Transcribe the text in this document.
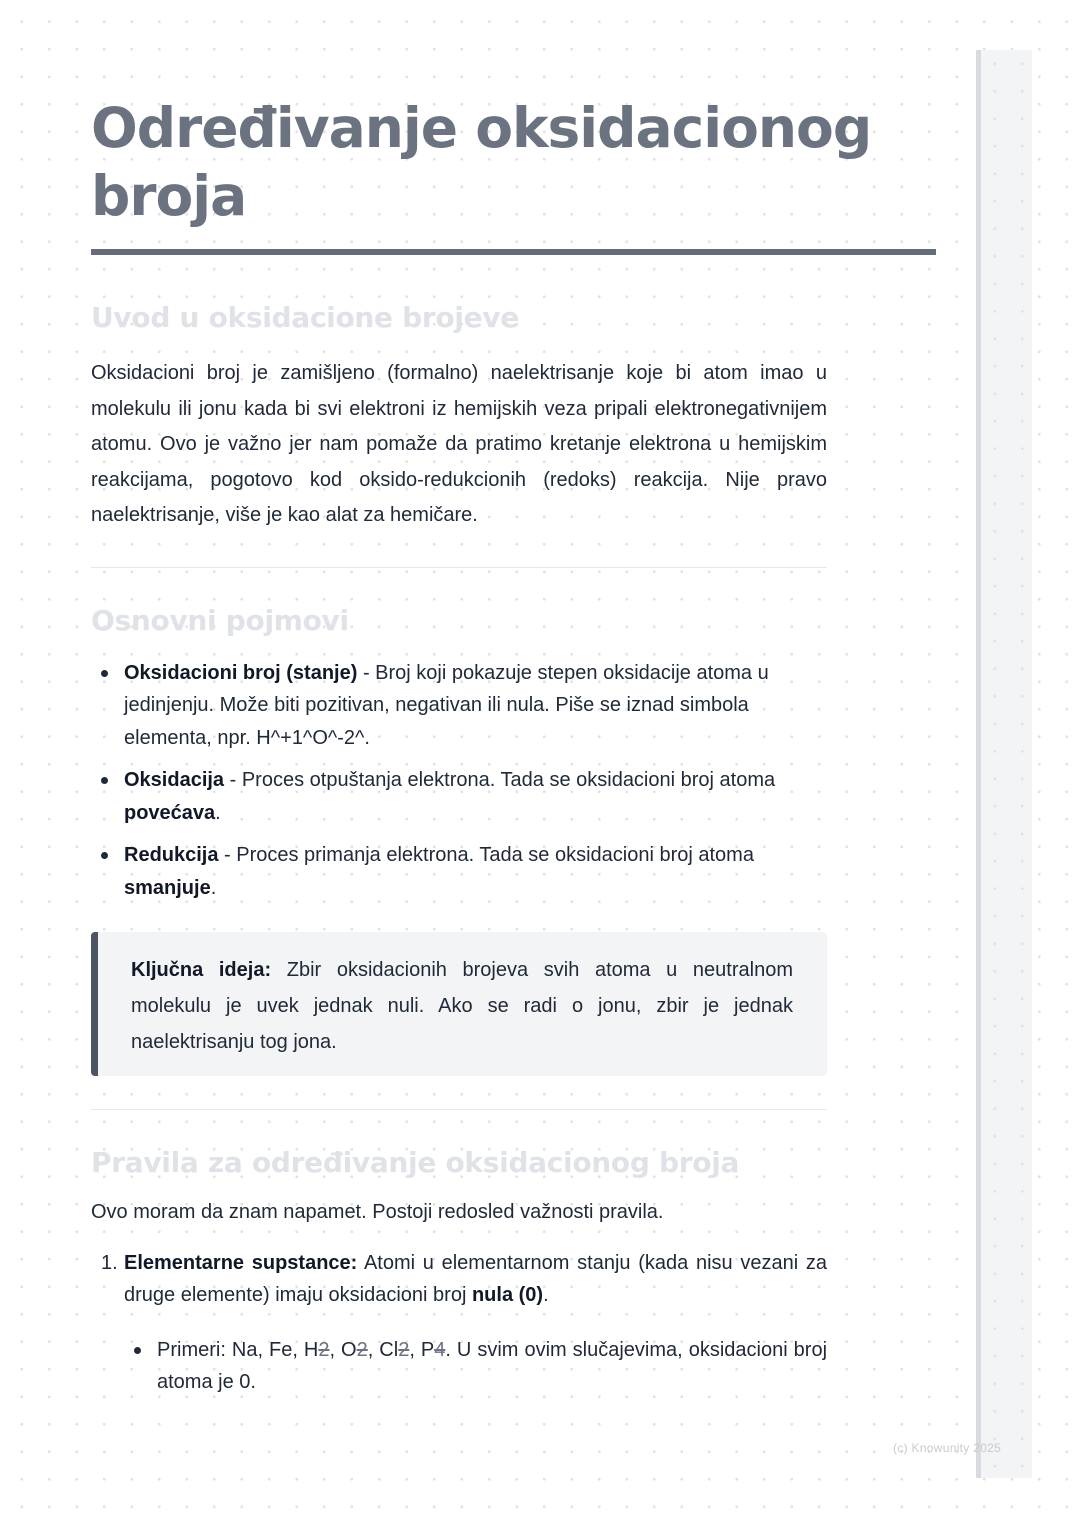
Određivanje oksidacionog broja
Uvod u oksidacione brojeve

Oksidacioni broj je zamišljeno (formalno) naelektrisanje koje bi atom imao u molekulu ili jonu kada bi svi elektroni iz hemijskih veza pripali elektronegativnijem atomu. Ovo je važno jer nam pomaže da pratimo kretanje elektrona u hemijskim reakcijama, pogotovo kod oksido-redukcionih (redoks) reakcija. Nije pravo naelektrisanje, više je kao alat za hemičare.

Osnovni pojmovi
Oksidacioni broj (stanje) - Broj koji pokazuje stepen oksidacije atoma u jedinjenju. Može biti pozitivan, negativan ili nula. Piše se iznad simbola elementa, npr. H^+1^O^-2^.
Oksidacija - Proces otpuštanja elektrona. Tada se oksidacioni broj atoma povećava.
Redukcija - Proces primanja elektrona. Tada se oksidacioni broj atoma smanjuje.

Ključna ideja: Zbir oksidacionih brojeva svih atoma u neutralnom molekulu je uvek jednak nuli. Ako se radi o jonu, zbir je jednak naelektrisanju tog jona.

Pravila za određivanje oksidacionog broja

Ovo moram da znam napamet. Postoji redosled važnosti pravila.

1. Elementarne supstance: Atomi u elementarnom stanju (kada nisu vezani za druge elemente) imaju oksidacioni broj nula (0).
Primeri: Na, Fe, H2, O2, Cl2, P4. U svim ovim slučajevima, oksidacioni broj atoma je 0.
(c) Knowunity 2025
